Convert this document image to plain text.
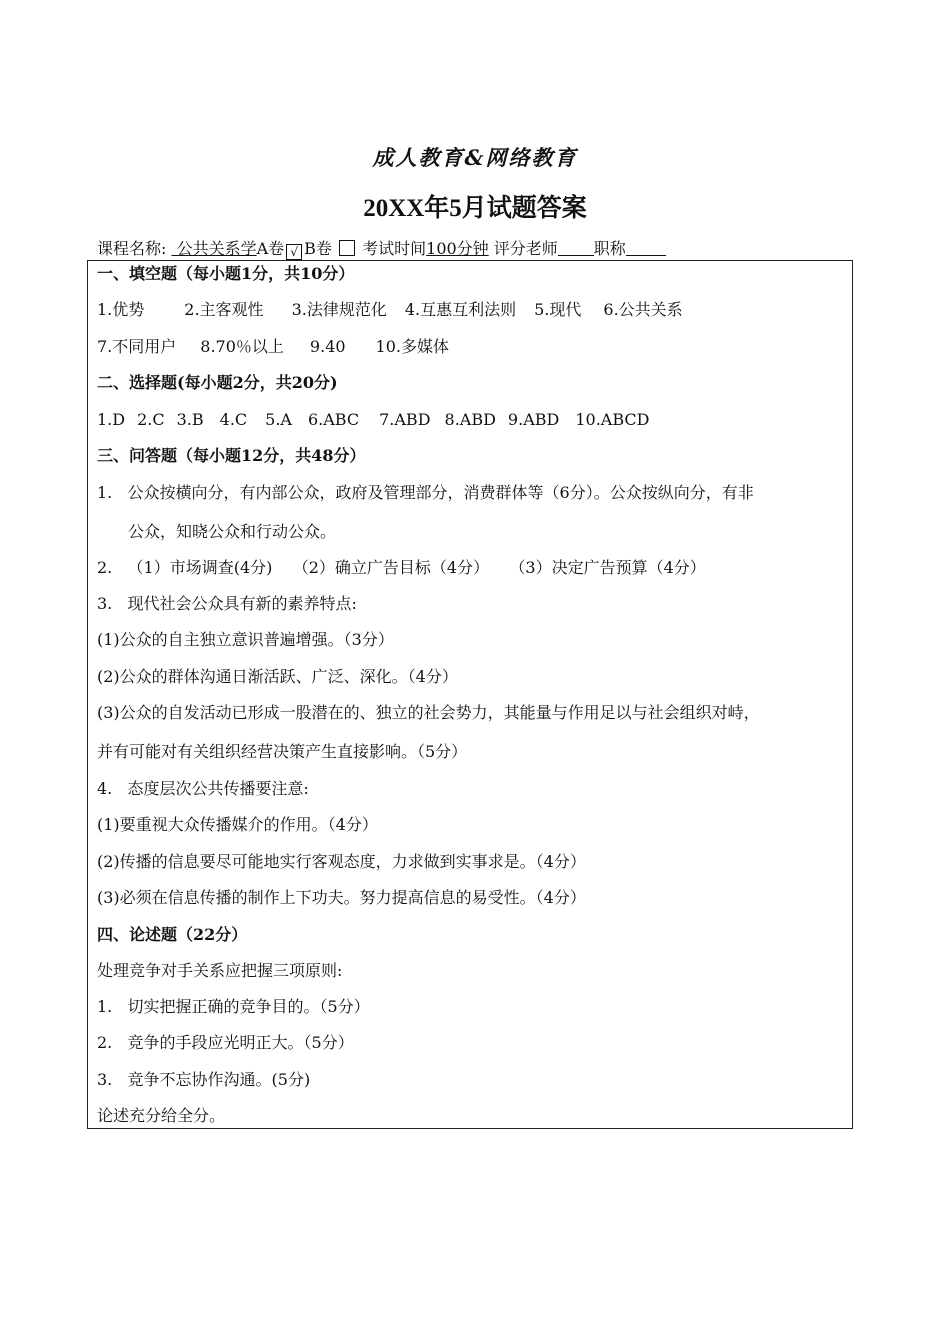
成人教育&网络教育
20XX年5月试题答案
课程名称: 公共关系学A卷 √ B卷 考试时间100分钟 评分老师 职称
一、填空题（每小题1分，共10分）
1.优势	2.主客观性 3.法律规范化 4.互惠互利法则 5.现代 6.公共关系
7.不同用户 8.70％以上 9.40 10.多媒体
二、选择题(每小题2分，共20分)
1.D 2.C 3.B 4.C 5.A 6.ABC 7.ABD 8.ABD 9.ABD 10.ABCD
三、问答题（每小题12分，共48分）
1.   公众按横向分，有内部公众，政府及管理部分，消费群体等（6分）。公众按纵向分，有非
公众，知晓公众和行动公众。
2.   （1）市场调查(4分)    （2）确立广告目标（4分）    （3）决定广告预算（4分）
3.   现代社会公众具有新的素养特点:
(1)公众的自主独立意识普遍增强。（3分）
(2)公众的群体沟通日渐活跃、广泛、深化。（4分）
(3)公众的自发活动已形成一股潜在的、独立的社会势力，其能量与作用足以与社会组织对峙，
并有可能对有关组织经营决策产生直接影响。（5分）
4.   态度层次公共传播要注意:
(1)要重视大众传播媒介的作用。（4分）
(2)传播的信息要尽可能地实行客观态度，力求做到实事求是。（4分）
(3)必须在信息传播的制作上下功夫。努力提高信息的易受性。（4分）
四、论述题（22分）
处理竞争对手关系应把握三项原则:
1.   切实把握正确的竞争目的。（5分）
2.   竞争的手段应光明正大。（5分）
3.   竞争不忘协作沟通。(5分)
论述充分给全分。
